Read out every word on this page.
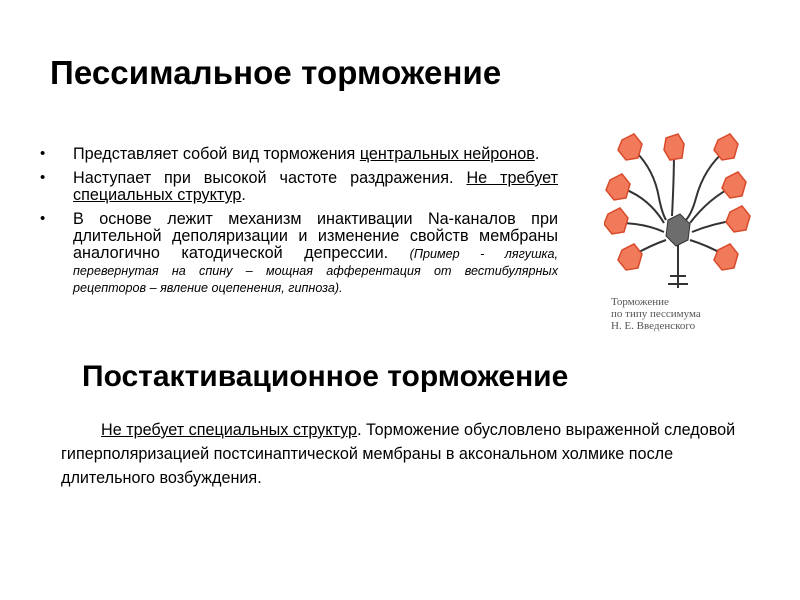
Пессимальное торможение
• Представляет собой вид торможения центральных нейронов.
• Наступает при высокой частоте раздражения. Не требует специальных структур.
• В основе лежит механизм инактивации Na-каналов при длительной деполяризации и изменение свойств мембраны аналогично катодической депрессии. (Пример - лягушка, перевернутая на спину – мощная афферентация от вестибулярных рецепторов – явление оцепенения, гипноза).
Торможение
по типу пессимума
Н. Е. Введенского
Постактивационное торможение

Не требует специальных структур. Торможение обусловлено выраженной следовой гиперполяризацией постсинаптической мембраны в аксональном холмике после длительного возбуждения.
